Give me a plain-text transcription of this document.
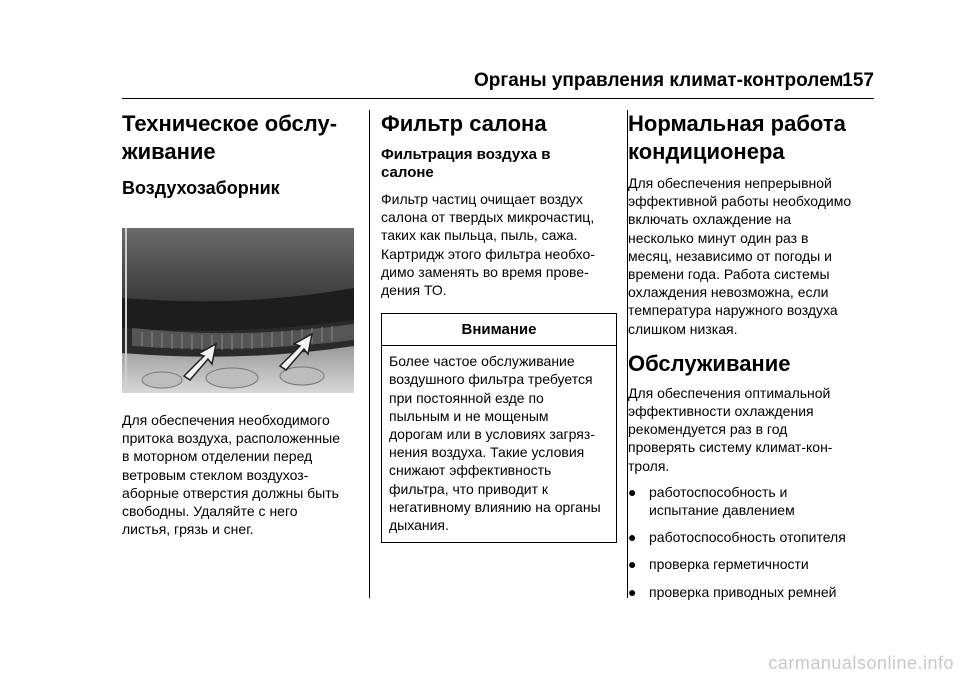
Органы управления климат-контролем
157
Техническое обслу-
живание
Воздухозаборник

Для обеспечения необходимого

притока воздуха, расположенные

в моторном отделении перед

ветровым стеклом воздухоз-

аборные отверстия должны быть

свободны. Удаляйте с него

листья, грязь и снег.

Фильтр салона
Фильтрация воздуха в
салоне

Фильтр частиц очищает воздух

салона от твердых микрочастиц,

таких как пыльца, пыль, сажа.

Картридж этого фильтра необхо-

димо заменять во время прове-

дения ТО.

Внимание

Более частое обслуживание

воздушного фильтра требуется

при постоянной езде по

пыльным и не мощеным

дорогам или в условиях загряз-

нения воздуха. Такие условия

снижают эффективность

фильтра, что приводит к

негативному влиянию на органы

дыхания.

Нормальная работа
кондиционера

Для обеспечения непрерывной

эффективной работы необходимо

включать охлаждение на

несколько минут один раз в

месяц, независимо от погоды и

времени года. Работа системы

охлаждения невозможна, если

температура наружного воздуха

слишком низкая.

Обслуживание

Для обеспечения оптимальной

эффективности охлаждения

рекомендуется раз в год

проверять систему климат-кон-

троля.

● работоспособность и
испытание давлением
● работоспособность отопителя
● проверка герметичности
● проверка приводных ремней
carmanualsonline.info
